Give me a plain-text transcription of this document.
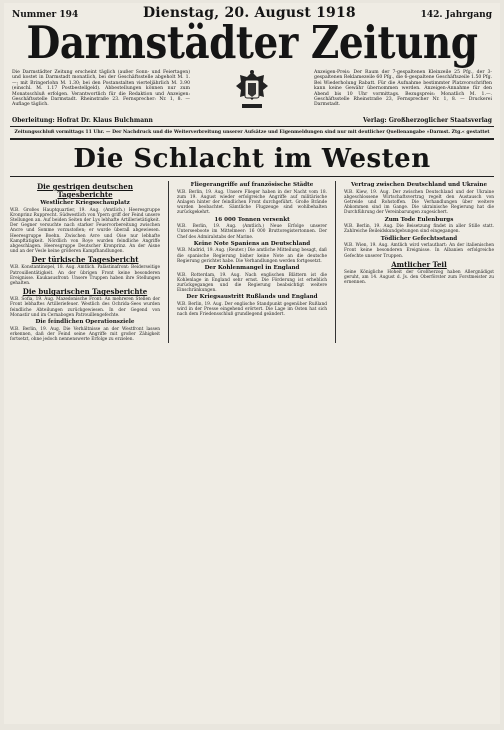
Nummer 194	Dienstag, 20. August 1918	142. Jahrgang
Darmstädter Zeitung
Die Darmstädter Zeitung erscheint täglich (außer Sonn- und Feiertagen) und kostet in Darmstadt monatlich, bei der Geschäftsstelle abgeholt M. 1.—; mit Bringerlohn M. 1.30; bei den Postanstalten vierteljährlich M. 3.90 (einschl. M. 1.17 Postbestellgeld). Abbestellungen können nur zum Monatsschluß erfolgen. Verantwortlich für die Redaktion und Anzeigen: Geschäftsstelle Darmstadt. Rheinstraße 23. Fernsprecher: Nr. 1, 8. — Auflage täglich.
Anzeigen-Preis: Der Raum der 7-gespaltenen Kleinzeile 25 Pfg., der 3-gespaltenen Reklamezeile 60 Pfg., die 6-gespaltene Geschäftszeile 1.50 Pfg. Bei Wiederholung Rabatt. Für die Aufnahme bestimmter Platzvorschriften kann keine Gewähr übernommen werden. Anzeigen-Annahme für den Abend bis 10 Uhr vormittags. Bezugspreis: Monatlich M. 1.—. Geschäftsstelle Rheinstraße 23, Fernsprecher Nr. 1, 8. — Druckerei Darmstadt.
Oberleitung: Hofrat Dr. Klaus Bulchmann	Verlag: Großherzoglicher Staatsverlag
Zeitungsschluß vormittags 11 Uhr. — Der Nachdruck und die Weiterverbreitung unserer Aufsätze und Eigenmeldungen sind nur mit deutlicher Quellenangabe »Darmst. Ztg.« gestattet
Die Schlacht im Westen
Die gestrigen deutschen Tagesberichte
Westlicher Kriegsschauplatz

W.B. Großes Hauptquartier, 19. Aug. (Amtlich.) Heeresgruppe Kronprinz Rupprecht. Südwestlich von Ypern griff der Feind unsere Stellungen an. Auf beiden Seiten der Lys lebhafte Artillerietätigkeit. Der Gegner versuchte nach starker Feuervorbereitung zwischen Ancre und Somme vorzustoßen; er wurde überall abgewiesen. Heeresgruppe Boehn. Zwischen Avre und Oise nur lebhafte Kampftätigkeit. Nördlich von Roye wurden feindliche Angriffe abgeschlagen. Heeresgruppe Deutscher Kronprinz. An der Aisne und an der Vesle keine größeren Kampfhandlungen.

Der türkische Tagesbericht

W.B. Konstantinopel, 18. Aug. Amtlich. Palästinafront: Beiderseitige Patrouillentätigkeit. An der übrigen Front keine besonderen Ereignisse. Kaukasusfront: Unsere Truppen haben ihre Stellungen gehalten.

Die bulgarischen Tagesberichte

W.B. Sofia, 19. Aug. Mazedonische Front: An mehreren Stellen der Front lebhaftes Artilleriefeuer. Westlich des Ochrida-Sees wurden feindliche Abteilungen zurückgewiesen. In der Gegend von Monastir und im Cernabogen Patrouillengefechte.

Die feindlichen Operationsziele

W.B. Berlin, 19. Aug. Die Verhältnisse an der Westfront lassen erkennen, daß der Feind seine Angriffe mit großer Zähigkeit fortsetzt, ohne jedoch nennenswerte Erfolge zu erzielen.

Fliegerangriffe auf französische Städte

W.B. Berlin, 19. Aug. Unsere Flieger haben in der Nacht vom 18. zum 19. August wieder erfolgreiche Angriffe auf militärische Anlagen hinter der feindlichen Front durchgeführt. Große Brände wurden beobachtet. Sämtliche Flugzeuge sind wohlbehalten zurückgekehrt.

16 000 Tonnen versenkt

W.B. Berlin, 19. Aug. (Amtlich.) Neue Erfolge unserer Unterseeboote im Mittelmeer: 16 000 Bruttoregistertonnen. Der Chef des Admiralstabs der Marine.

Keine Note Spaniens an Deutschland

W.B. Madrid, 19. Aug. (Reuter.) Die amtliche Mitteilung besagt, daß die spanische Regierung bisher keine Note an die deutsche Regierung gerichtet habe. Die Verhandlungen werden fortgesetzt.

Der Kohlenmangel in England

W.B. Rotterdam, 19. Aug. Nach englischen Blättern ist die Kohlenlage in England sehr ernst. Die Förderung ist erheblich zurückgegangen und die Regierung beabsichtigt weitere Einschränkungen.

Der Kriegsaustritt Rußlands und England

W.B. Berlin, 19. Aug. Der englische Standpunkt gegenüber Rußland wird in der Presse eingehend erörtert. Die Lage im Osten hat sich nach dem Friedensschluß grundlegend geändert.

Vertrag zwischen Deutschland und Ukraine

W.B. Kiew, 19. Aug. Der zwischen Deutschland und der Ukraine abgeschlossene Wirtschaftsvertrag regelt den Austausch von Getreide und Rohstoffen. Die Verhandlungen über weitere Abkommen sind im Gange. Die ukrainische Regierung hat die Durchführung der Vereinbarungen zugesichert.

Zum Tode Eulenburgs

W.B. Berlin, 19. Aug. Die Beisetzung findet in aller Stille statt. Zahlreiche Beileidskundgebungen sind eingegangen.

Tödlicher Gefechtsstand

W.B. Wien, 19. Aug. Amtlich wird verlautbart: An der italienischen Front keine besonderen Ereignisse. In Albanien erfolgreiche Gefechte unserer Truppen.

Amtlicher Teil

Seine Königliche Hoheit der Großherzog haben Allergnädigst geruht, am 14. August d. Js. den Oberförster zum Forstmeister zu ernennen.
